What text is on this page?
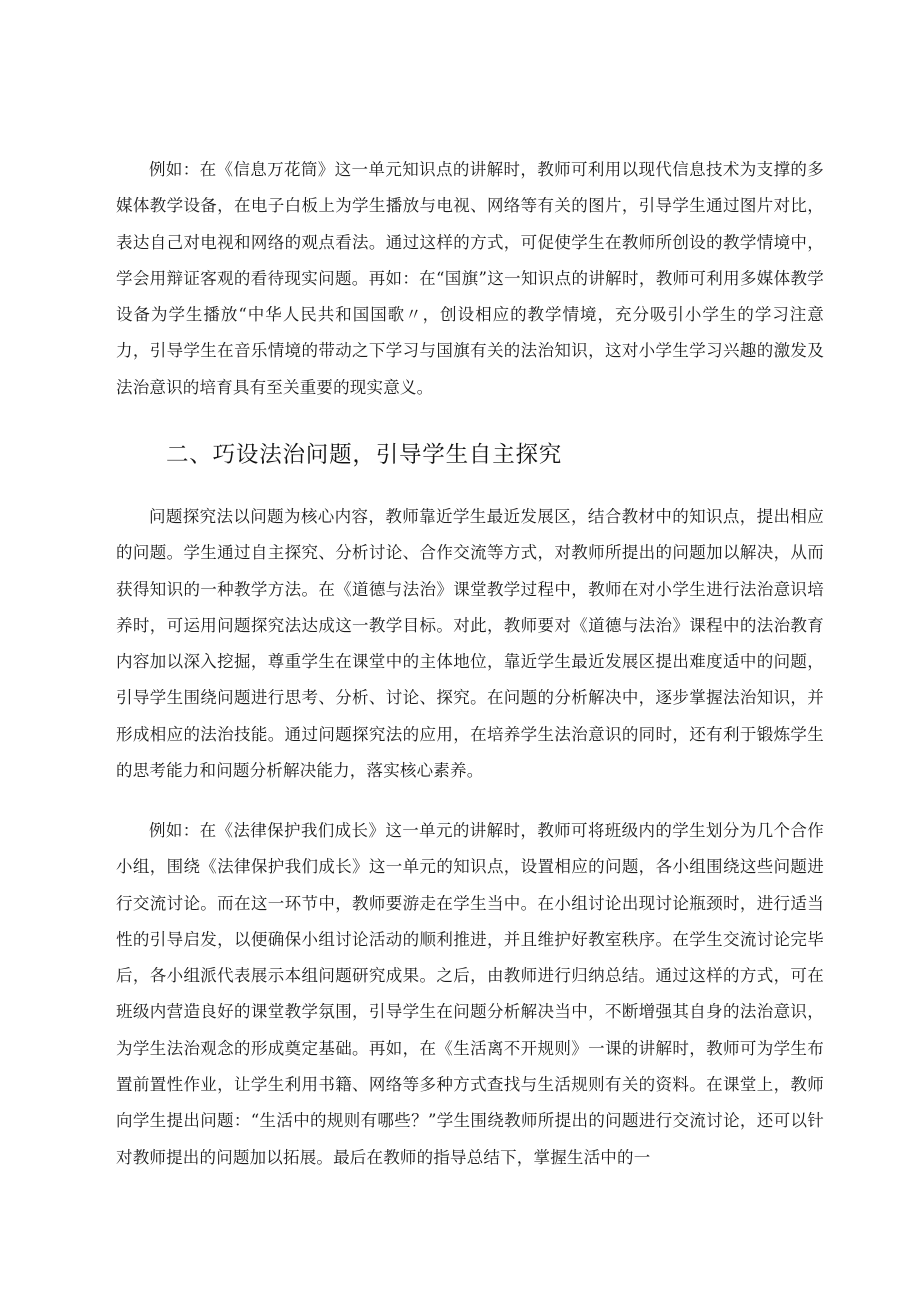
例如：在《信息万花筒》这一单元知识点的讲解时，教师可利用以现代信息技术为支撑的多媒体教学设备，在电子白板上为学生播放与电视、网络等有关的图片，引导学生通过图片对比，表达自己对电视和网络的观点看法。通过这样的方式，可促使学生在教师所创设的教学情境中，学会用辩证客观的看待现实问题。再如：在“国旗”这一知识点的讲解时，教师可利用多媒体教学设备为学生播放“中华人民共和国国歌〃，创设相应的教学情境，充分吸引小学生的学习注意力，引导学生在音乐情境的带动之下学习与国旗有关的法治知识，这对小学生学习兴趣的激发及法治意识的培育具有至关重要的现实意义。

二、巧设法治问题，引导学生自主探究

问题探究法以问题为核心内容，教师靠近学生最近发展区，结合教材中的知识点，提出相应的问题。学生通过自主探究、分析讨论、合作交流等方式，对教师所提出的问题加以解决，从而获得知识的一种教学方法。在《道德与法治》课堂教学过程中，教师在对小学生进行法治意识培养时，可运用问题探究法达成这一教学目标。对此，教师要对《道德与法治》课程中的法治教育内容加以深入挖掘，尊重学生在课堂中的主体地位，靠近学生最近发展区提出难度适中的问题，引导学生围绕问题进行思考、分析、讨论、探究。在问题的分析解决中，逐步掌握法治知识，并形成相应的法治技能。通过问题探究法的应用，在培养学生法治意识的同时，还有利于锻炼学生的思考能力和问题分析解决能力，落实核心素养。

例如：在《法律保护我们成长》这一单元的讲解时，教师可将班级内的学生划分为几个合作小组，围绕《法律保护我们成长》这一单元的知识点，设置相应的问题，各小组围绕这些问题进行交流讨论。而在这一环节中，教师要游走在学生当中。在小组讨论出现讨论瓶颈时，进行适当性的引导启发，以便确保小组讨论活动的顺利推进，并且维护好教室秩序。在学生交流讨论完毕后，各小组派代表展示本组问题研究成果。之后，由教师进行归纳总结。通过这样的方式，可在班级内营造良好的课堂教学氛围，引导学生在问题分析解决当中，不断增强其自身的法治意识，为学生法治观念的形成奠定基础。再如，在《生活离不开规则》一课的讲解时，教师可为学生布置前置性作业，让学生利用书籍、网络等多种方式查找与生活规则有关的资料。在课堂上，教师向学生提出问题：“生活中的规则有哪些？”学生围绕教师所提出的问题进行交流讨论，还可以针对教师提出的问题加以拓展。最后在教师的指导总结下，掌握生活中的一
